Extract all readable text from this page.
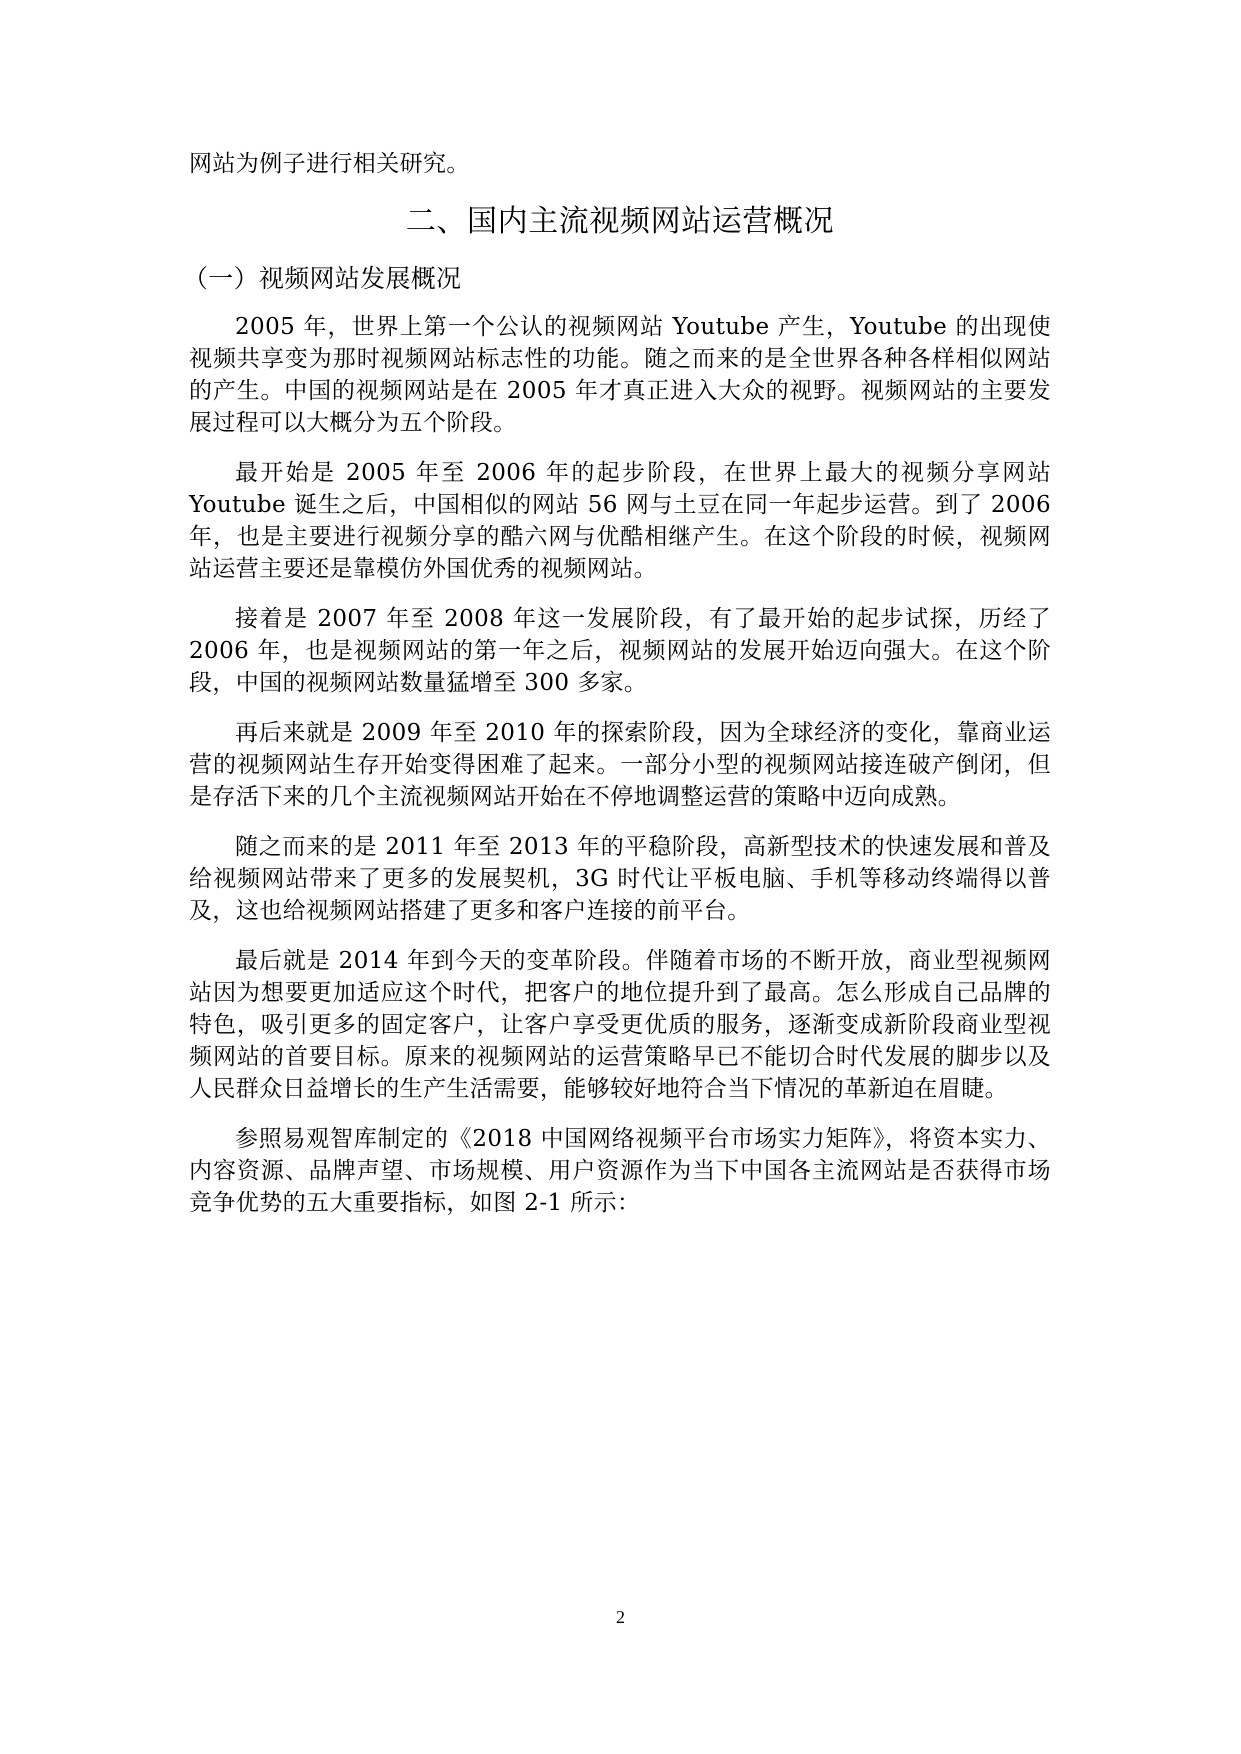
网站为例子进行相关研究。

二、国内主流视频网站运营概况
（一）视频网站发展概况

2005 年，世界上第一个公认的视频网站 Youtube 产生，Youtube 的出现使视频共享变为那时视频网站标志性的功能。随之而来的是全世界各种各样相似网站的产生。中国的视频网站是在 2005 年才真正进入大众的视野。视频网站的主要发展过程可以大概分为五个阶段。

最开始是 2005 年至 2006 年的起步阶段，在世界上最大的视频分享网站 Youtube 诞生之后，中国相似的网站 56 网与土豆在同一年起步运营。到了 2006 年，也是主要进行视频分享的酷六网与优酷相继产生。在这个阶段的时候，视频网站运营主要还是靠模仿外国优秀的视频网站。

接着是 2007 年至 2008 年这一发展阶段，有了最开始的起步试探，历经了 2006 年，也是视频网站的第一年之后，视频网站的发展开始迈向强大。在这个阶段，中国的视频网站数量猛增至 300 多家。

再后来就是 2009 年至 2010 年的探索阶段，因为全球经济的变化，靠商业运营的视频网站生存开始变得困难了起来。一部分小型的视频网站接连破产倒闭，但是存活下来的几个主流视频网站开始在不停地调整运营的策略中迈向成熟。

随之而来的是 2011 年至 2013 年的平稳阶段，高新型技术的快速发展和普及给视频网站带来了更多的发展契机，3G 时代让平板电脑、手机等移动终端得以普及，这也给视频网站搭建了更多和客户连接的前平台。

最后就是 2014 年到今天的变革阶段。伴随着市场的不断开放，商业型视频网站因为想要更加适应这个时代，把客户的地位提升到了最高。怎么形成自己品牌的特色，吸引更多的固定客户，让客户享受更优质的服务，逐渐变成新阶段商业型视频网站的首要目标。原来的视频网站的运营策略早已不能切合时代发展的脚步以及人民群众日益增长的生产生活需要，能够较好地符合当下情况的革新迫在眉睫。

参照易观智库制定的《2018 中国网络视频平台市场实力矩阵》，将资本实力、内容资源、品牌声望、市场规模、用户资源作为当下中国各主流网站是否获得市场竞争优势的五大重要指标，如图 2-1 所示：

2
